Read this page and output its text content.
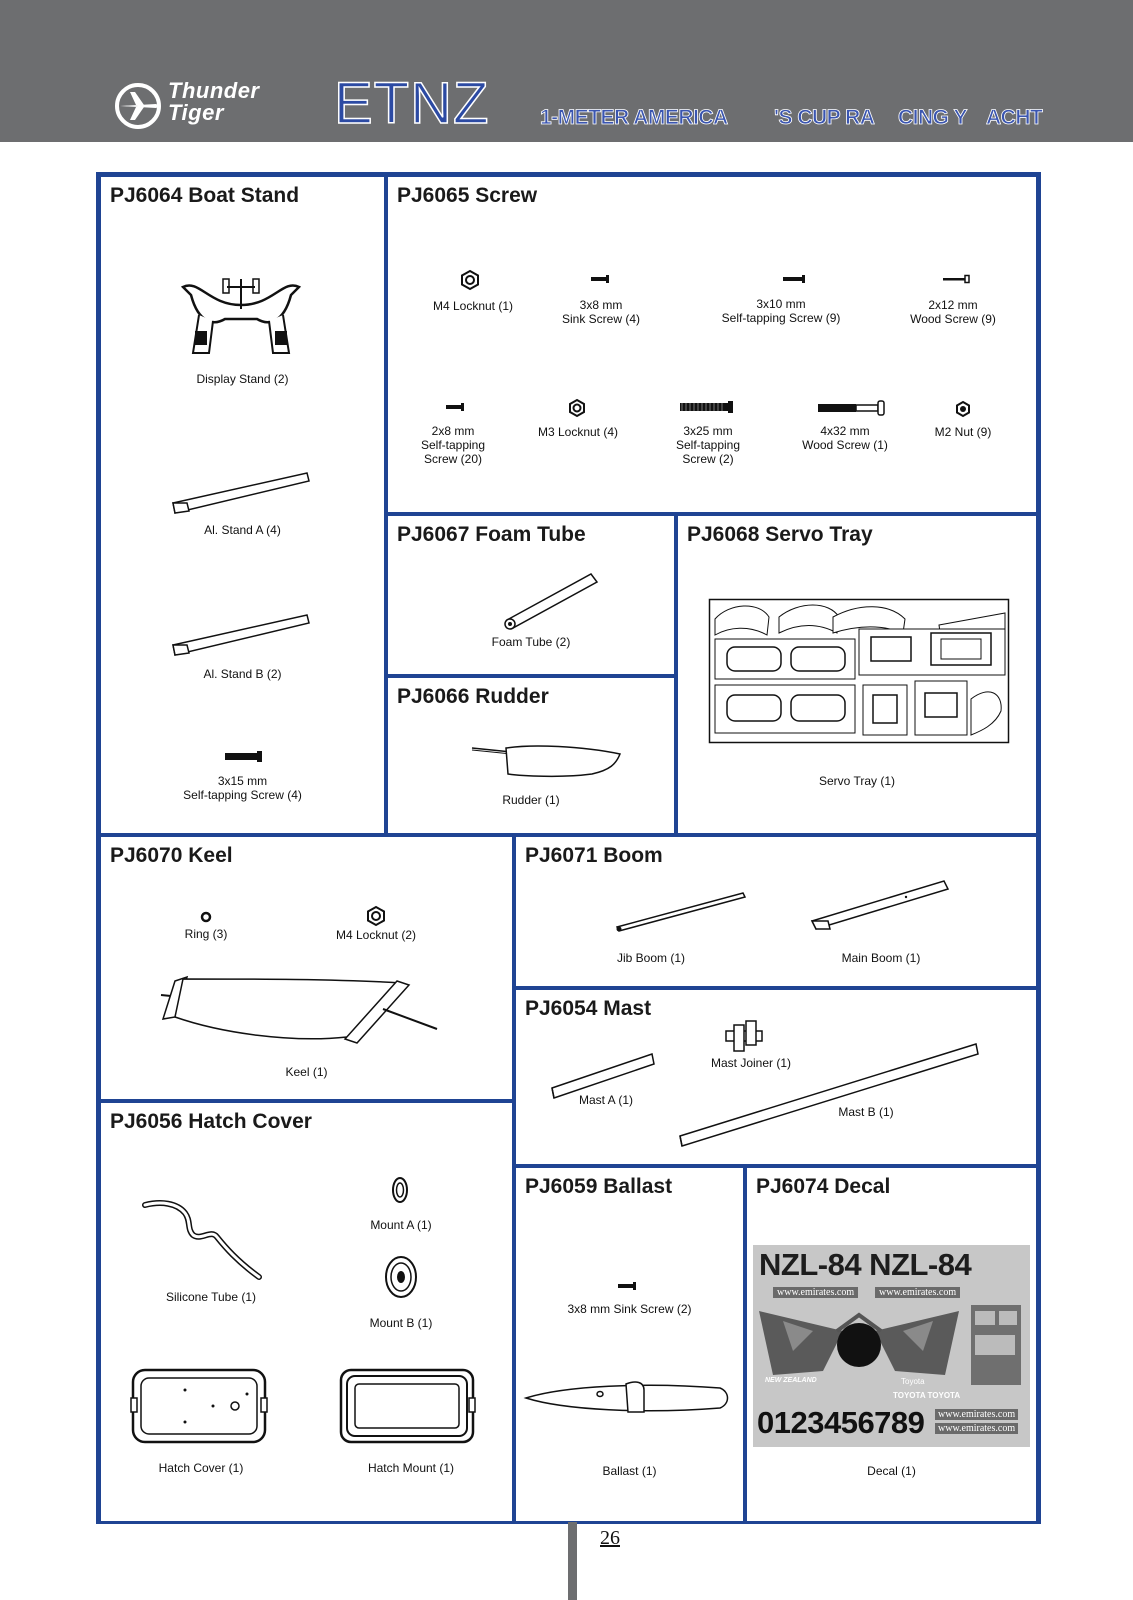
Thunder
Tiger	ETNZ 1-METER AMERICA 'S CUP RA CING Y ACHT
PJ6064 Boat Stand
Display Stand (2)
Al. Stand A (4)
Al. Stand B (2)
3x15 mm
Self-tapping Screw (4)
PJ6065 Screw
M4 Locknut (1)	3x8 mm
Sink Screw (4)
3x10 mm
Self-tapping Screw (9)
2x12 mm
Wood Screw (9)
2x8 mm
Self-tapping
Screw (20)
M3 Locknut (4)	3x25 mm
Self-tapping
Screw (2)
4x32 mm
Wood Screw (1)
M2 Nut (9)
PJ6067 Foam Tube
Foam Tube (2)
PJ6066 Rudder
Rudder (1)
PJ6068 Servo Tray
Servo Tray (1)
PJ6070 Keel
Ring (3)	M4 Locknut (2)
Keel (1)
PJ6056 Hatch Cover
Silicone Tube (1)
Mount A (1)
Mount B (1)
Hatch Cover (1)	Hatch Mount (1)
PJ6071 Boom
Jib Boom (1)	Main Boom (1)
PJ6054 Mast
Mast Joiner (1)
Mast A (1)
Mast B (1)
PJ6059 Ballast
3x8 mm Sink Screw (2)
Ballast (1)
PJ6074 Decal
Decal (1)
NZL-84 NZL-84
www.emirates.com	www.emirates.com
NEW ZEALAND	Toyota
TOYOTA TOYOTA
0123456789	www.emirates.com
www.emirates.com
26
